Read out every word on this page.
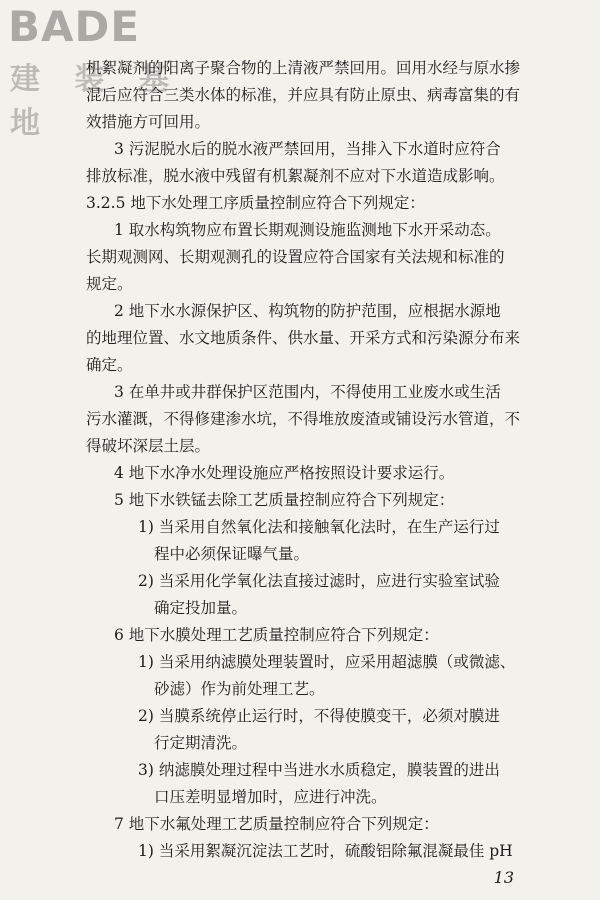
BADE
建 装 基 地
机絮凝剂的阳离子聚合物的上清液严禁回用。回用水经与原水掺
混后应符合三类水体的标准，并应具有防止原虫、病毒富集的有
效措施方可回用。
3 污泥脱水后的脱水液严禁回用，当排入下水道时应符合
排放标准，脱水液中残留有机絮凝剂不应对下水道造成影响。
3.2.5 地下水处理工序质量控制应符合下列规定：
1 取水构筑物应布置长期观测设施监测地下水开采动态。
长期观测网、长期观测孔的设置应符合国家有关法规和标准的
规定。
2 地下水水源保护区、构筑物的防护范围，应根据水源地
的地理位置、水文地质条件、供水量、开采方式和污染源分布来
确定。
3 在单井或井群保护区范围内，不得使用工业废水或生活
污水灌溉，不得修建渗水坑，不得堆放废渣或铺设污水管道，不
得破坏深层土层。
4 地下水净水处理设施应严格按照设计要求运行。
5 地下水铁锰去除工艺质量控制应符合下列规定：
1) 当采用自然氧化法和接触氧化法时，在生产运行过
程中必须保证曝气量。
2) 当采用化学氧化法直接过滤时，应进行实验室试验
确定投加量。
6 地下水膜处理工艺质量控制应符合下列规定：
1) 当采用纳滤膜处理装置时，应采用超滤膜（或微滤、
砂滤）作为前处理工艺。
2) 当膜系统停止运行时，不得使膜变干，必须对膜进
行定期清洗。
3) 纳滤膜处理过程中当进水水质稳定，膜装置的进出
口压差明显增加时，应进行冲洗。
7 地下水氟处理工艺质量控制应符合下列规定：
1) 当采用絮凝沉淀法工艺时，硫酸铝除氟混凝最佳 pH
13
